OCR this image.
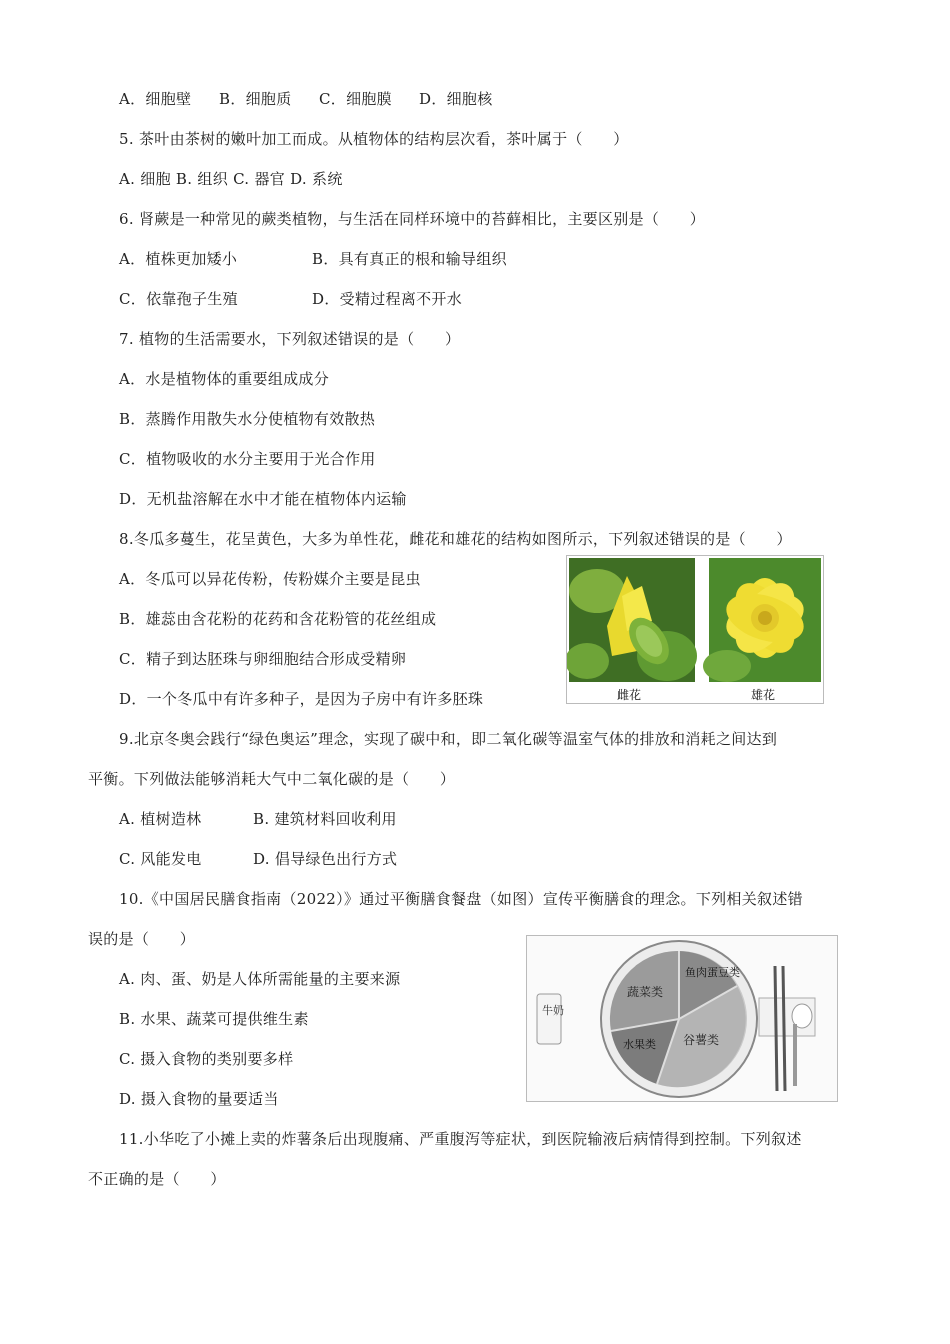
A．细胞壁 B．细胞质 C．细胞膜 D．细胞核
5. 茶叶由茶树的嫩叶加工而成。从植物体的结构层次看，茶叶属于（　　）
A. 细胞 B. 组织 C. 器官 D. 系统
6. 肾蕨是一种常见的蕨类植物，与生活在同样环境中的苔藓相比，主要区别是（　　）
A．植株更加矮小	B．具有真正的根和输导组织
C．依靠孢子生殖	D．受精过程离不开水
7. 植物的生活需要水，下列叙述错误的是（　　）
A．水是植物体的重要组成成分
B．蒸腾作用散失水分使植物有效散热
C．植物吸收的水分主要用于光合作用
D．无机盐溶解在水中才能在植物体内运输
8.冬瓜多蔓生，花呈黄色，大多为单性花，雌花和雄花的结构如图所示，下列叙述错误的是（　　）
A．冬瓜可以异花传粉，传粉媒介主要是昆虫
B．雄蕊由含花粉的花药和含花粉管的花丝组成
C．精子到达胚珠与卵细胞结合形成受精卵
D．一个冬瓜中有许多种子，是因为子房中有许多胚珠	雌花	雄花
9.北京冬奥会践行“绿色奥运”理念，实现了碳中和，即二氧化碳等温室气体的排放和消耗之间达到
平衡。下列做法能够消耗大气中二氧化碳的是（　　）
A. 植树造林	B. 建筑材料回收利用
C. 风能发电	D. 倡导绿色出行方式
10.《中国居民膳食指南（2022）》通过平衡膳食餐盘（如图）宣传平衡膳食的理念。下列相关叙述错
误的是（　　）
A. 肉、蛋、奶是人体所需能量的主要来源
B. 水果、蔬菜可提供维生素
C. 摄入食物的类别要多样
D. 摄入食物的量要适当
牛奶
蔬菜类
鱼肉蛋豆类
水果类 谷薯类
11.小华吃了小摊上卖的炸薯条后出现腹痛、严重腹泻等症状，到医院输液后病情得到控制。下列叙述
不正确的是（　　）
